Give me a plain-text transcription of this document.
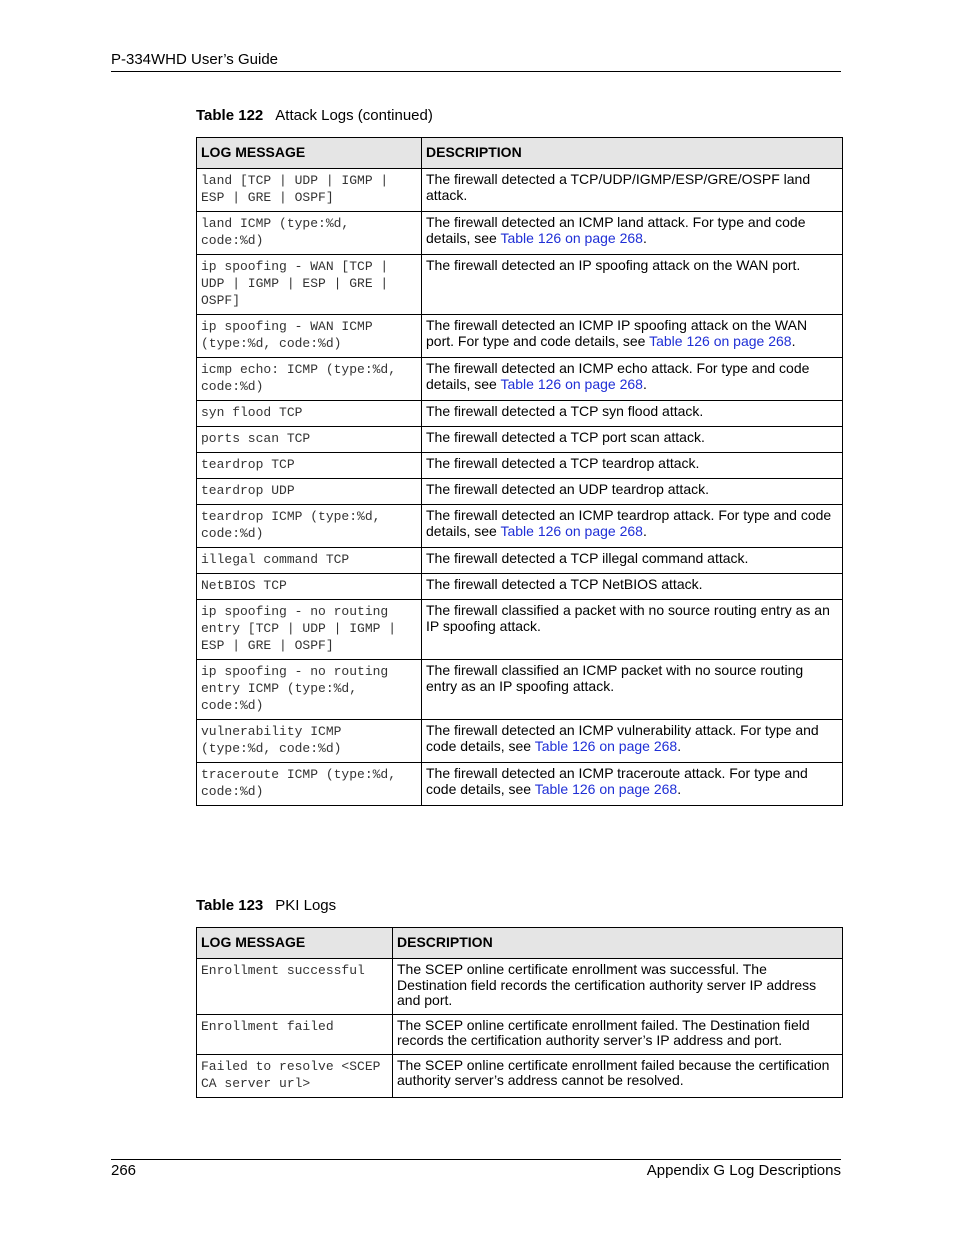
P-334WHD User’s Guide
Table 122 Attack Logs (continued)
LOG MESSAGE	DESCRIPTION
land [TCP | UDP | IGMP | ESP | GRE | OSPF]	The firewall detected a TCP/UDP/IGMP/ESP/GRE/OSPF land attack.
land ICMP (type:%d, code:%d)	The firewall detected an ICMP land attack. For type and code details, see Table 126 on page 268.
ip spoofing - WAN [TCP | UDP | IGMP | ESP | GRE | OSPF]	The firewall detected an IP spoofing attack on the WAN port.
ip spoofing - WAN ICMP (type:%d, code:%d)	The firewall detected an ICMP IP spoofing attack on the WAN port. For type and code details, see Table 126 on page 268.
icmp echo: ICMP (type:%d, code:%d)	The firewall detected an ICMP echo attack. For type and code details, see Table 126 on page 268.
syn flood TCP	The firewall detected a TCP syn flood attack.
ports scan TCP	The firewall detected a TCP port scan attack.
teardrop TCP	The firewall detected a TCP teardrop attack.
teardrop UDP	The firewall detected an UDP teardrop attack.
teardrop ICMP (type:%d, code:%d)	The firewall detected an ICMP teardrop attack. For type and code details, see Table 126 on page 268.
illegal command TCP	The firewall detected a TCP illegal command attack.
NetBIOS TCP	The firewall detected a TCP NetBIOS attack.
ip spoofing - no routing entry [TCP | UDP | IGMP | ESP | GRE | OSPF]	The firewall classified a packet with no source routing entry as an IP spoofing attack.
ip spoofing - no routing entry ICMP (type:%d, code:%d)	The firewall classified an ICMP packet with no source routing entry as an IP spoofing attack.
vulnerability ICMP (type:%d, code:%d)	The firewall detected an ICMP vulnerability attack. For type and code details, see Table 126 on page 268.
traceroute ICMP (type:%d, code:%d)	The firewall detected an ICMP traceroute attack. For type and code details, see Table 126 on page 268.
Table 123 PKI Logs
LOG MESSAGE	DESCRIPTION
Enrollment successful	The SCEP online certificate enrollment was successful. The Destination field records the certification authority server IP address and port.
Enrollment failed	The SCEP online certificate enrollment failed. The Destination field records the certification authority server’s IP address and port.
Failed to resolve <SCEP CA server url>	The SCEP online certificate enrollment failed because the certification authority server’s address cannot be resolved.
266	Appendix G Log Descriptions
